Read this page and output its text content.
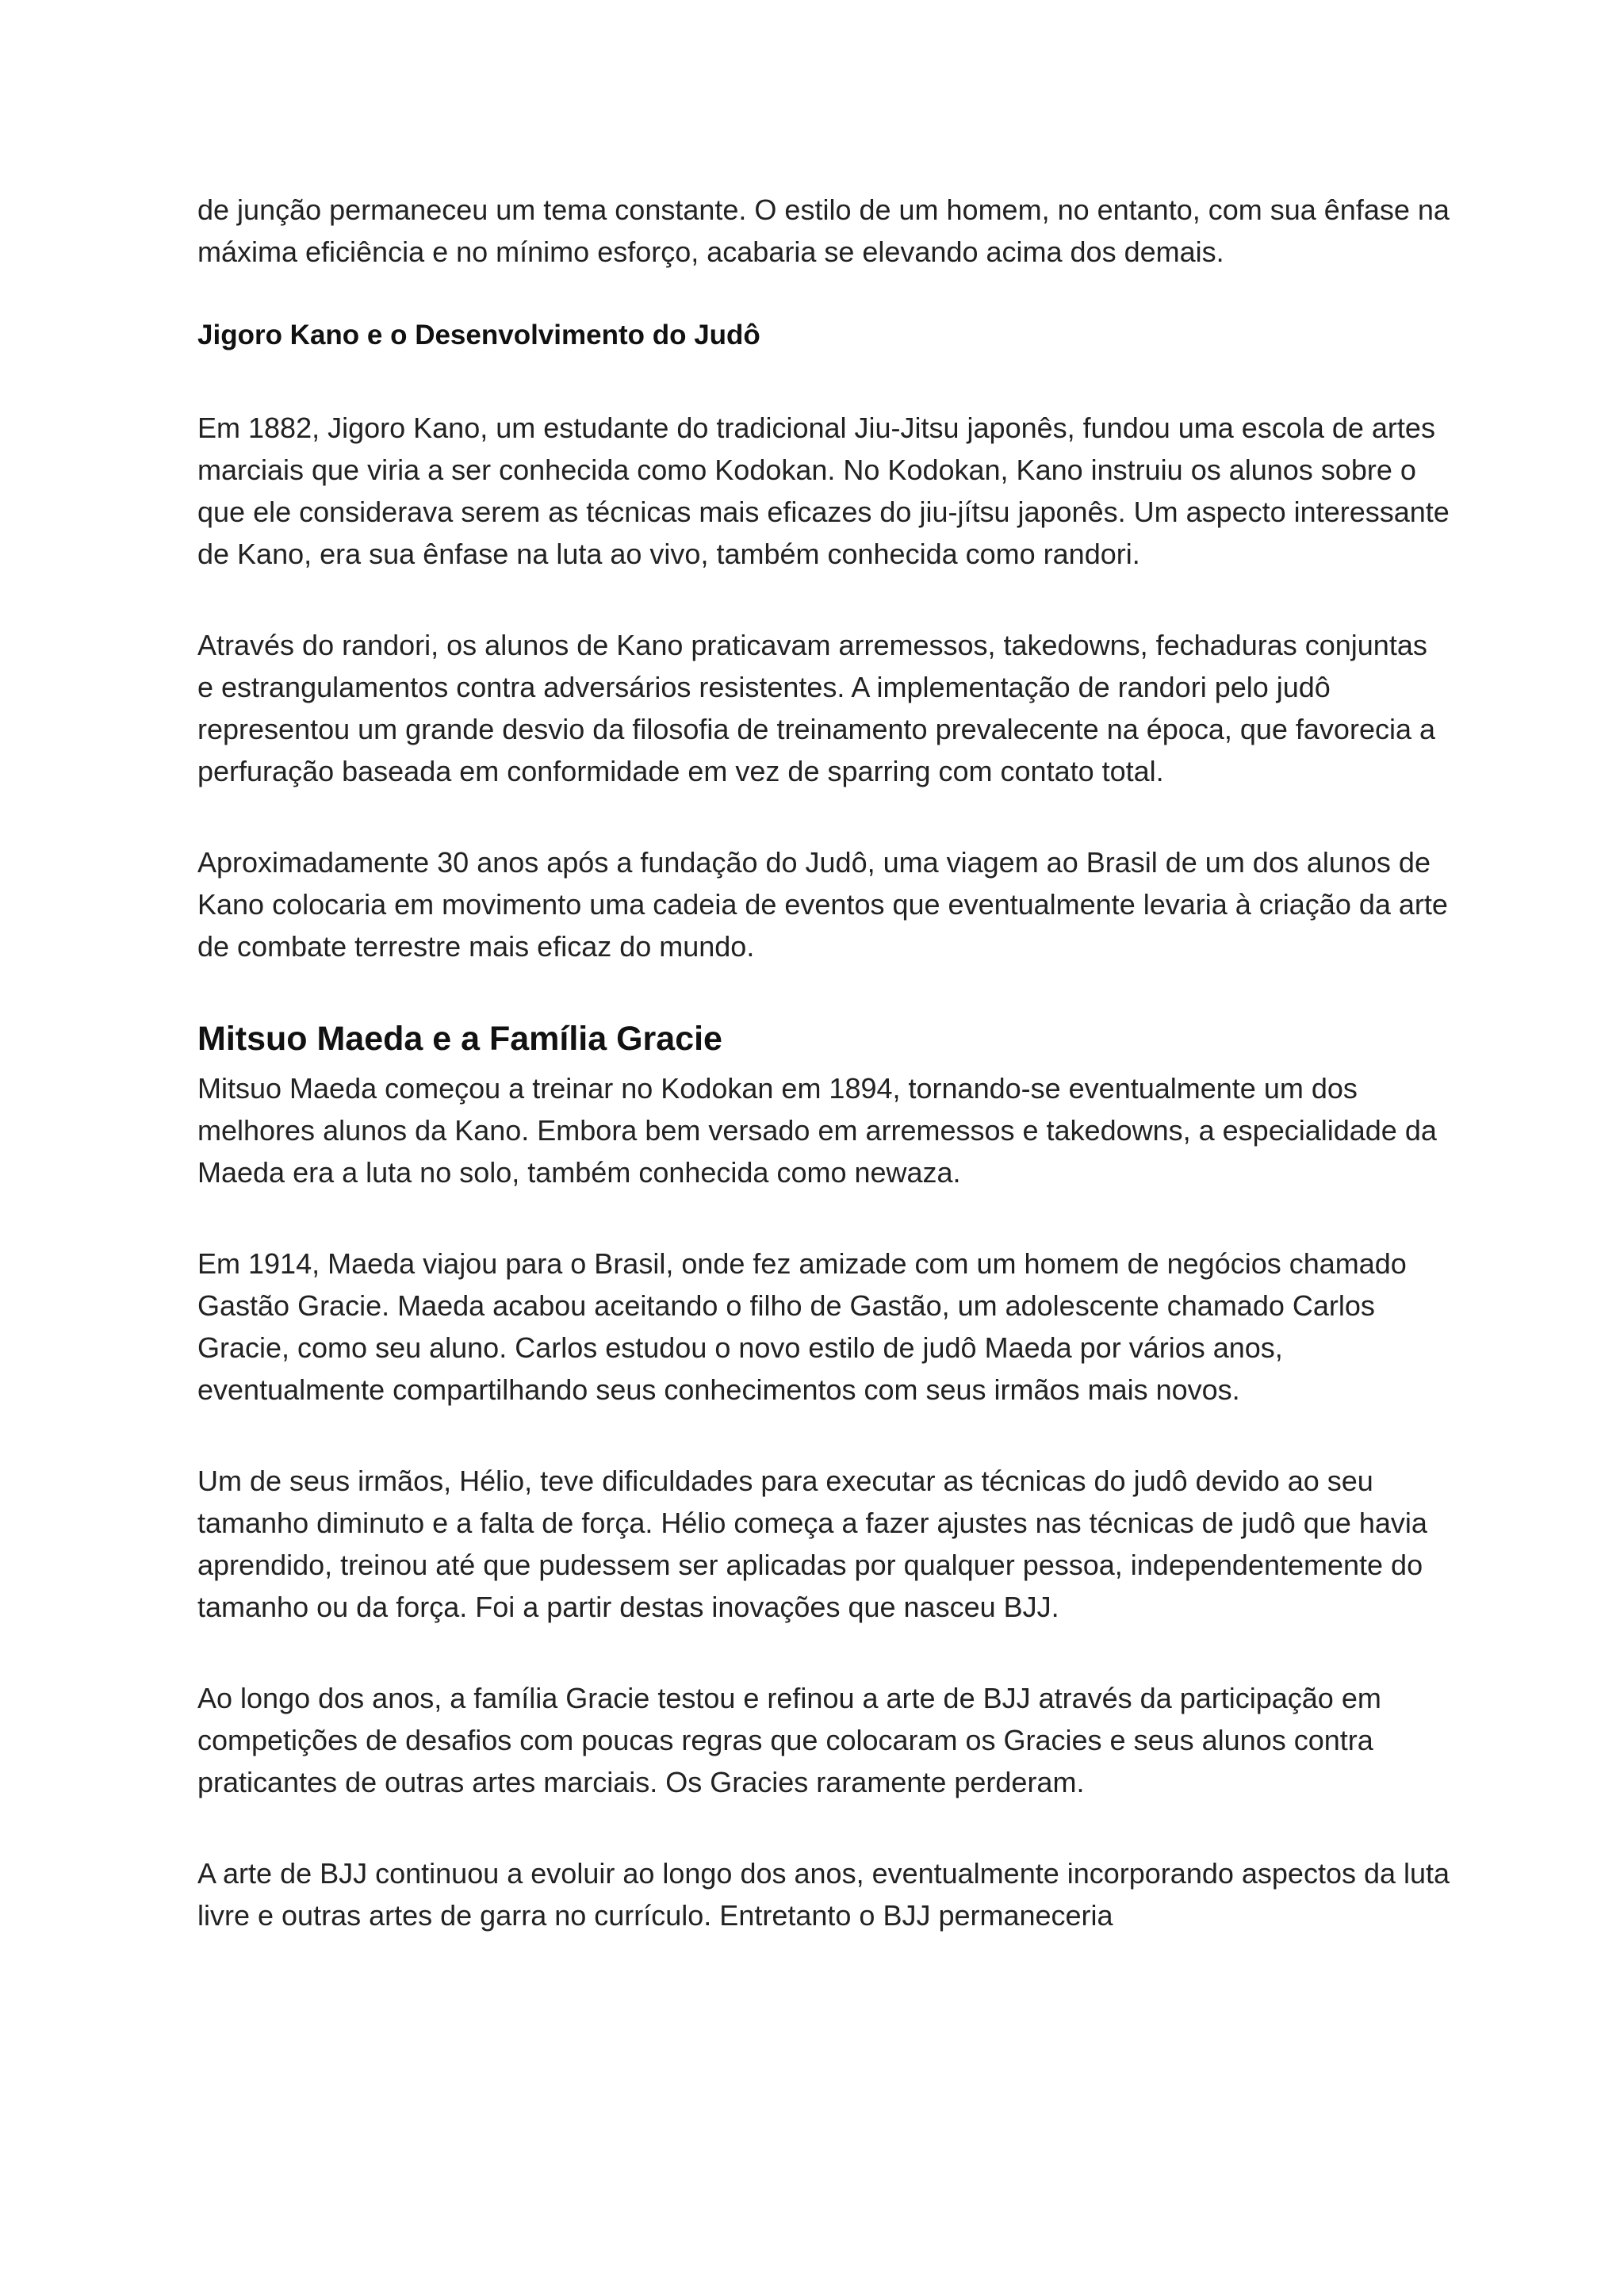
de junção permaneceu um tema constante. O estilo de um homem, no entanto, com sua ênfase na máxima eficiência e no mínimo esforço, acabaria se elevando acima dos demais.

Jigoro Kano e o Desenvolvimento do Judô

Em 1882, Jigoro Kano, um estudante do tradicional Jiu-Jitsu japonês, fundou uma escola de artes marciais que viria a ser conhecida como Kodokan. No Kodokan, Kano instruiu os alunos sobre o que ele considerava serem as técnicas mais eficazes do jiu-jítsu japonês. Um aspecto interessante de Kano, era sua ênfase na luta ao vivo, também conhecida como randori.

Através do randori, os alunos de Kano praticavam arremessos, takedowns, fechaduras conjuntas e estrangulamentos contra adversários resistentes. A implementação de randori pelo judô representou um grande desvio da filosofia de treinamento prevalecente na época, que favorecia a perfuração baseada em conformidade em vez de sparring com contato total.

Aproximadamente 30 anos após a fundação do Judô, uma viagem ao Brasil de um dos alunos de Kano colocaria em movimento uma cadeia de eventos que eventualmente levaria à criação da arte de combate terrestre mais eficaz do mundo.

Mitsuo Maeda e a Família Gracie

Mitsuo Maeda começou a treinar no Kodokan em 1894, tornando-se eventualmente um dos melhores alunos da Kano. Embora bem versado em arremessos e takedowns, a especialidade da Maeda era a luta no solo, também conhecida como newaza.

Em 1914, Maeda viajou para o Brasil, onde fez amizade com um homem de negócios chamado Gastão Gracie. Maeda acabou aceitando o filho de Gastão, um adolescente chamado Carlos Gracie, como seu aluno. Carlos estudou o novo estilo de judô Maeda por vários anos, eventualmente compartilhando seus conhecimentos com seus irmãos mais novos.

Um de seus irmãos, Hélio, teve dificuldades para executar as técnicas do judô devido ao seu tamanho diminuto e a falta de força. Hélio começa a fazer ajustes nas técnicas de judô que havia aprendido, treinou até que pudessem ser aplicadas por qualquer pessoa, independentemente do tamanho ou da força. Foi a partir destas inovações que nasceu BJJ.

Ao longo dos anos, a família Gracie testou e refinou a arte de BJJ através da participação em competições de desafios com poucas regras que colocaram os Gracies e seus alunos contra praticantes de outras artes marciais. Os Gracies raramente perderam.

A arte de BJJ continuou a evoluir ao longo dos anos, eventualmente incorporando aspectos da luta livre e outras artes de garra no currículo. Entretanto o BJJ permaneceria
